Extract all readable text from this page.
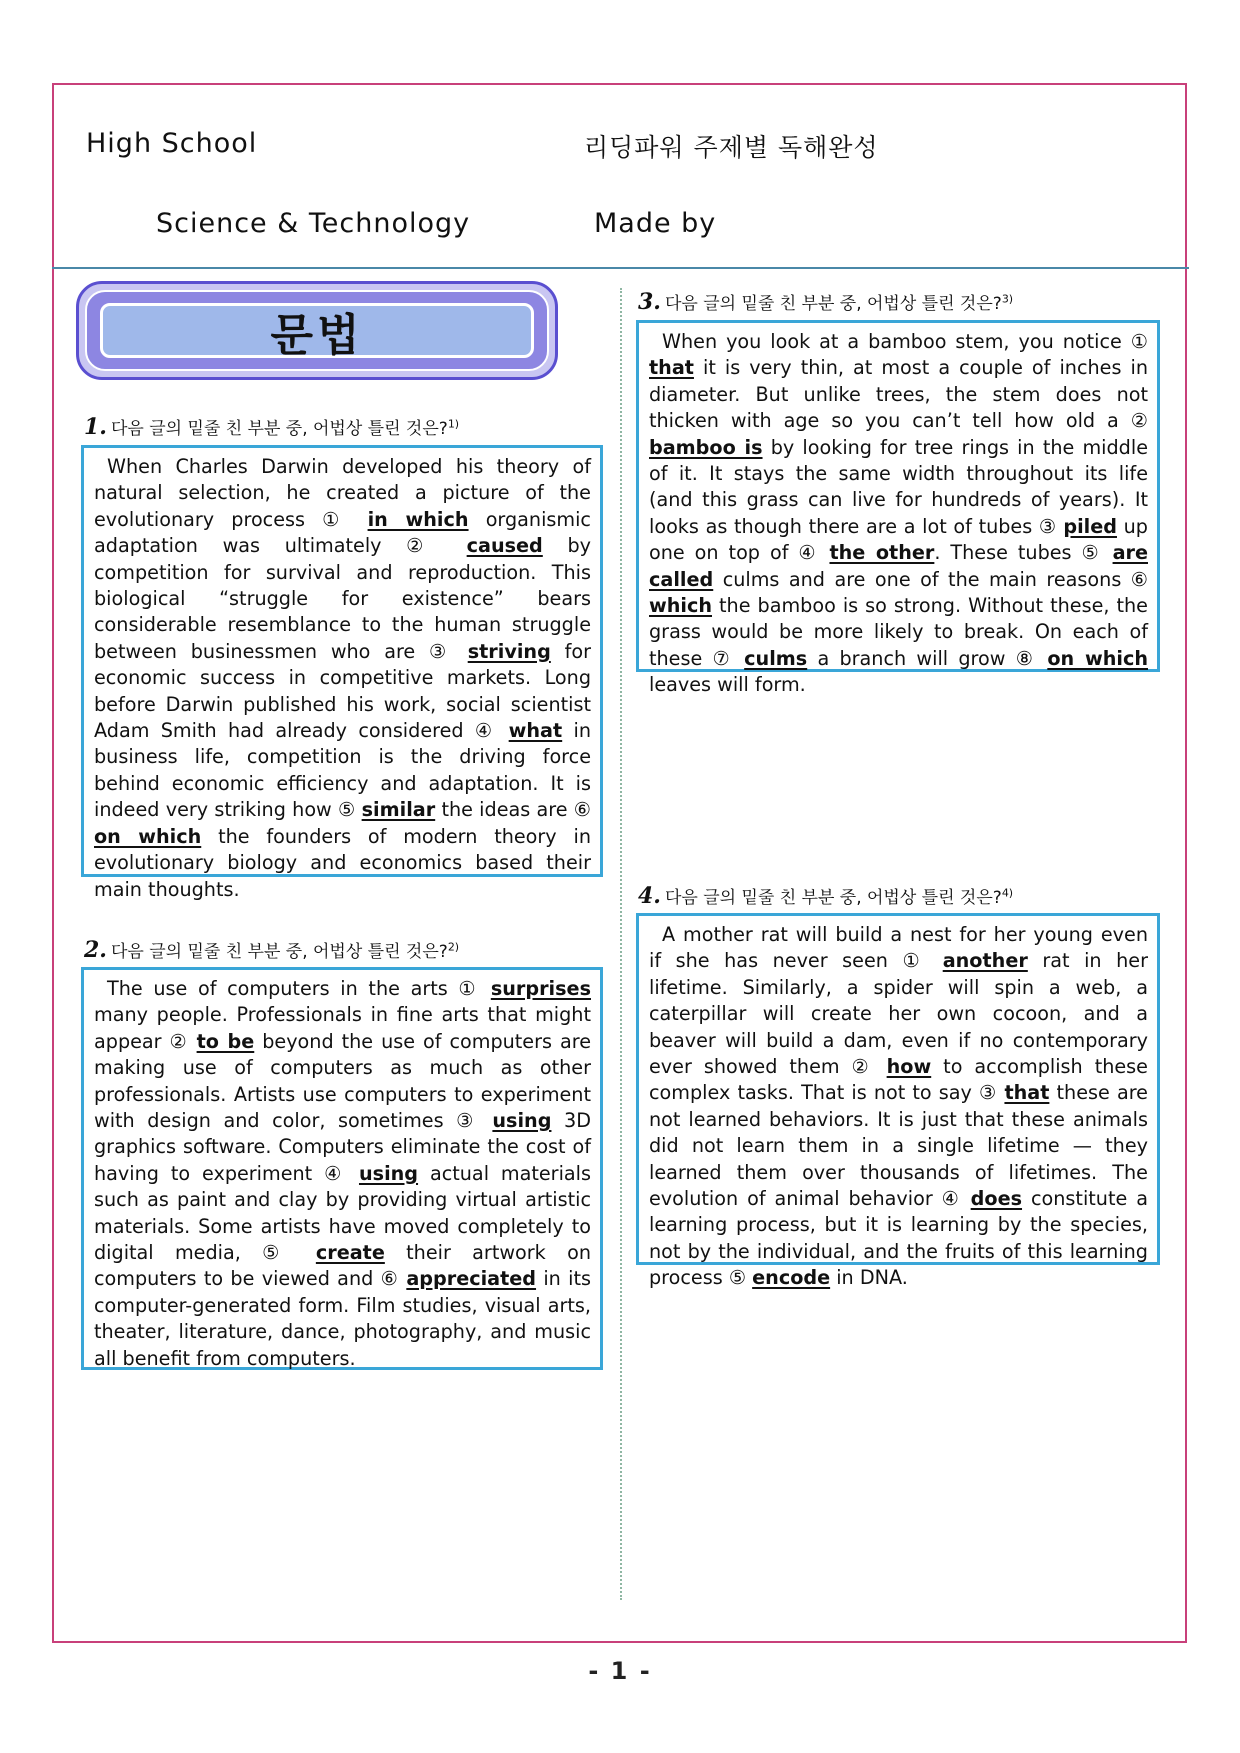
High School	리딩파워 주제별 독해완성
Science & Technology	Made by
문법
1. 다음 글의 밑줄 친 부분 중, 어법상 틀린 것은?$^{1)}$

When Charles Darwin developed his theory of natural selection, he created a picture of the evolutionary process ① in which organismic adaptation was ultimately ② caused by competition for survival and reproduction. This biological “struggle for existence” bears considerable resemblance to the human struggle between businessmen who are ③ striving for economic success in competitive markets. Long before Darwin published his work, social scientist Adam Smith had already considered ④ what in business life, competition is the driving force behind economic efficiency and adaptation. It is indeed very striking how ⑤ similar the ideas are ⑥ on which the founders of modern theory in evolutionary biology and economics based their main thoughts.

2. 다음 글의 밑줄 친 부분 중, 어법상 틀린 것은?$^{2)}$

The use of computers in the arts ① surprises many people. Professionals in fine arts that might appear ② to be beyond the use of computers are making use of computers as much as other professionals. Artists use computers to experiment with design and color, sometimes ③ using 3D graphics software. Computers eliminate the cost of having to experiment ④ using actual materials such as paint and clay by providing virtual artistic materials. Some artists have moved completely to digital media, ⑤ create their artwork on computers to be viewed and ⑥ appreciated in its computer-generated form. Film studies, visual arts, theater, literature, dance, photography, and music all benefit from computers.

3. 다음 글의 밑줄 친 부분 중, 어법상 틀린 것은?$^{3)}$

When you look at a bamboo stem, you notice ① that it is very thin, at most a couple of inches in diameter. But unlike trees, the stem does not thicken with age so you can’t tell how old a ② bamboo is by looking for tree rings in the middle of it. It stays the same width throughout its life (and this grass can live for hundreds of years). It looks as though there are a lot of tubes ③ piled up one on top of ④ the other. These tubes ⑤ are called culms and are one of the main reasons ⑥ which the bamboo is so strong. Without these, the grass would be more likely to break. On each of these ⑦ culms a branch will grow ⑧ on which leaves will form.

4. 다음 글의 밑줄 친 부분 중, 어법상 틀린 것은?$^{4)}$

A mother rat will build a nest for her young even if she has never seen ① another rat in her lifetime. Similarly, a spider will spin a web, a caterpillar will create her own cocoon, and a beaver will build a dam, even if no contemporary ever showed them ② how to accomplish these complex tasks. That is not to say ③ that these are not learned behaviors. It is just that these animals did not learn them in a single lifetime — they learned them over thousands of lifetimes. The evolution of animal behavior ④ does constitute a learning process, but it is learning by the species, not by the individual, and the fruits of this learning process ⑤ encode in DNA.

- 1 -
